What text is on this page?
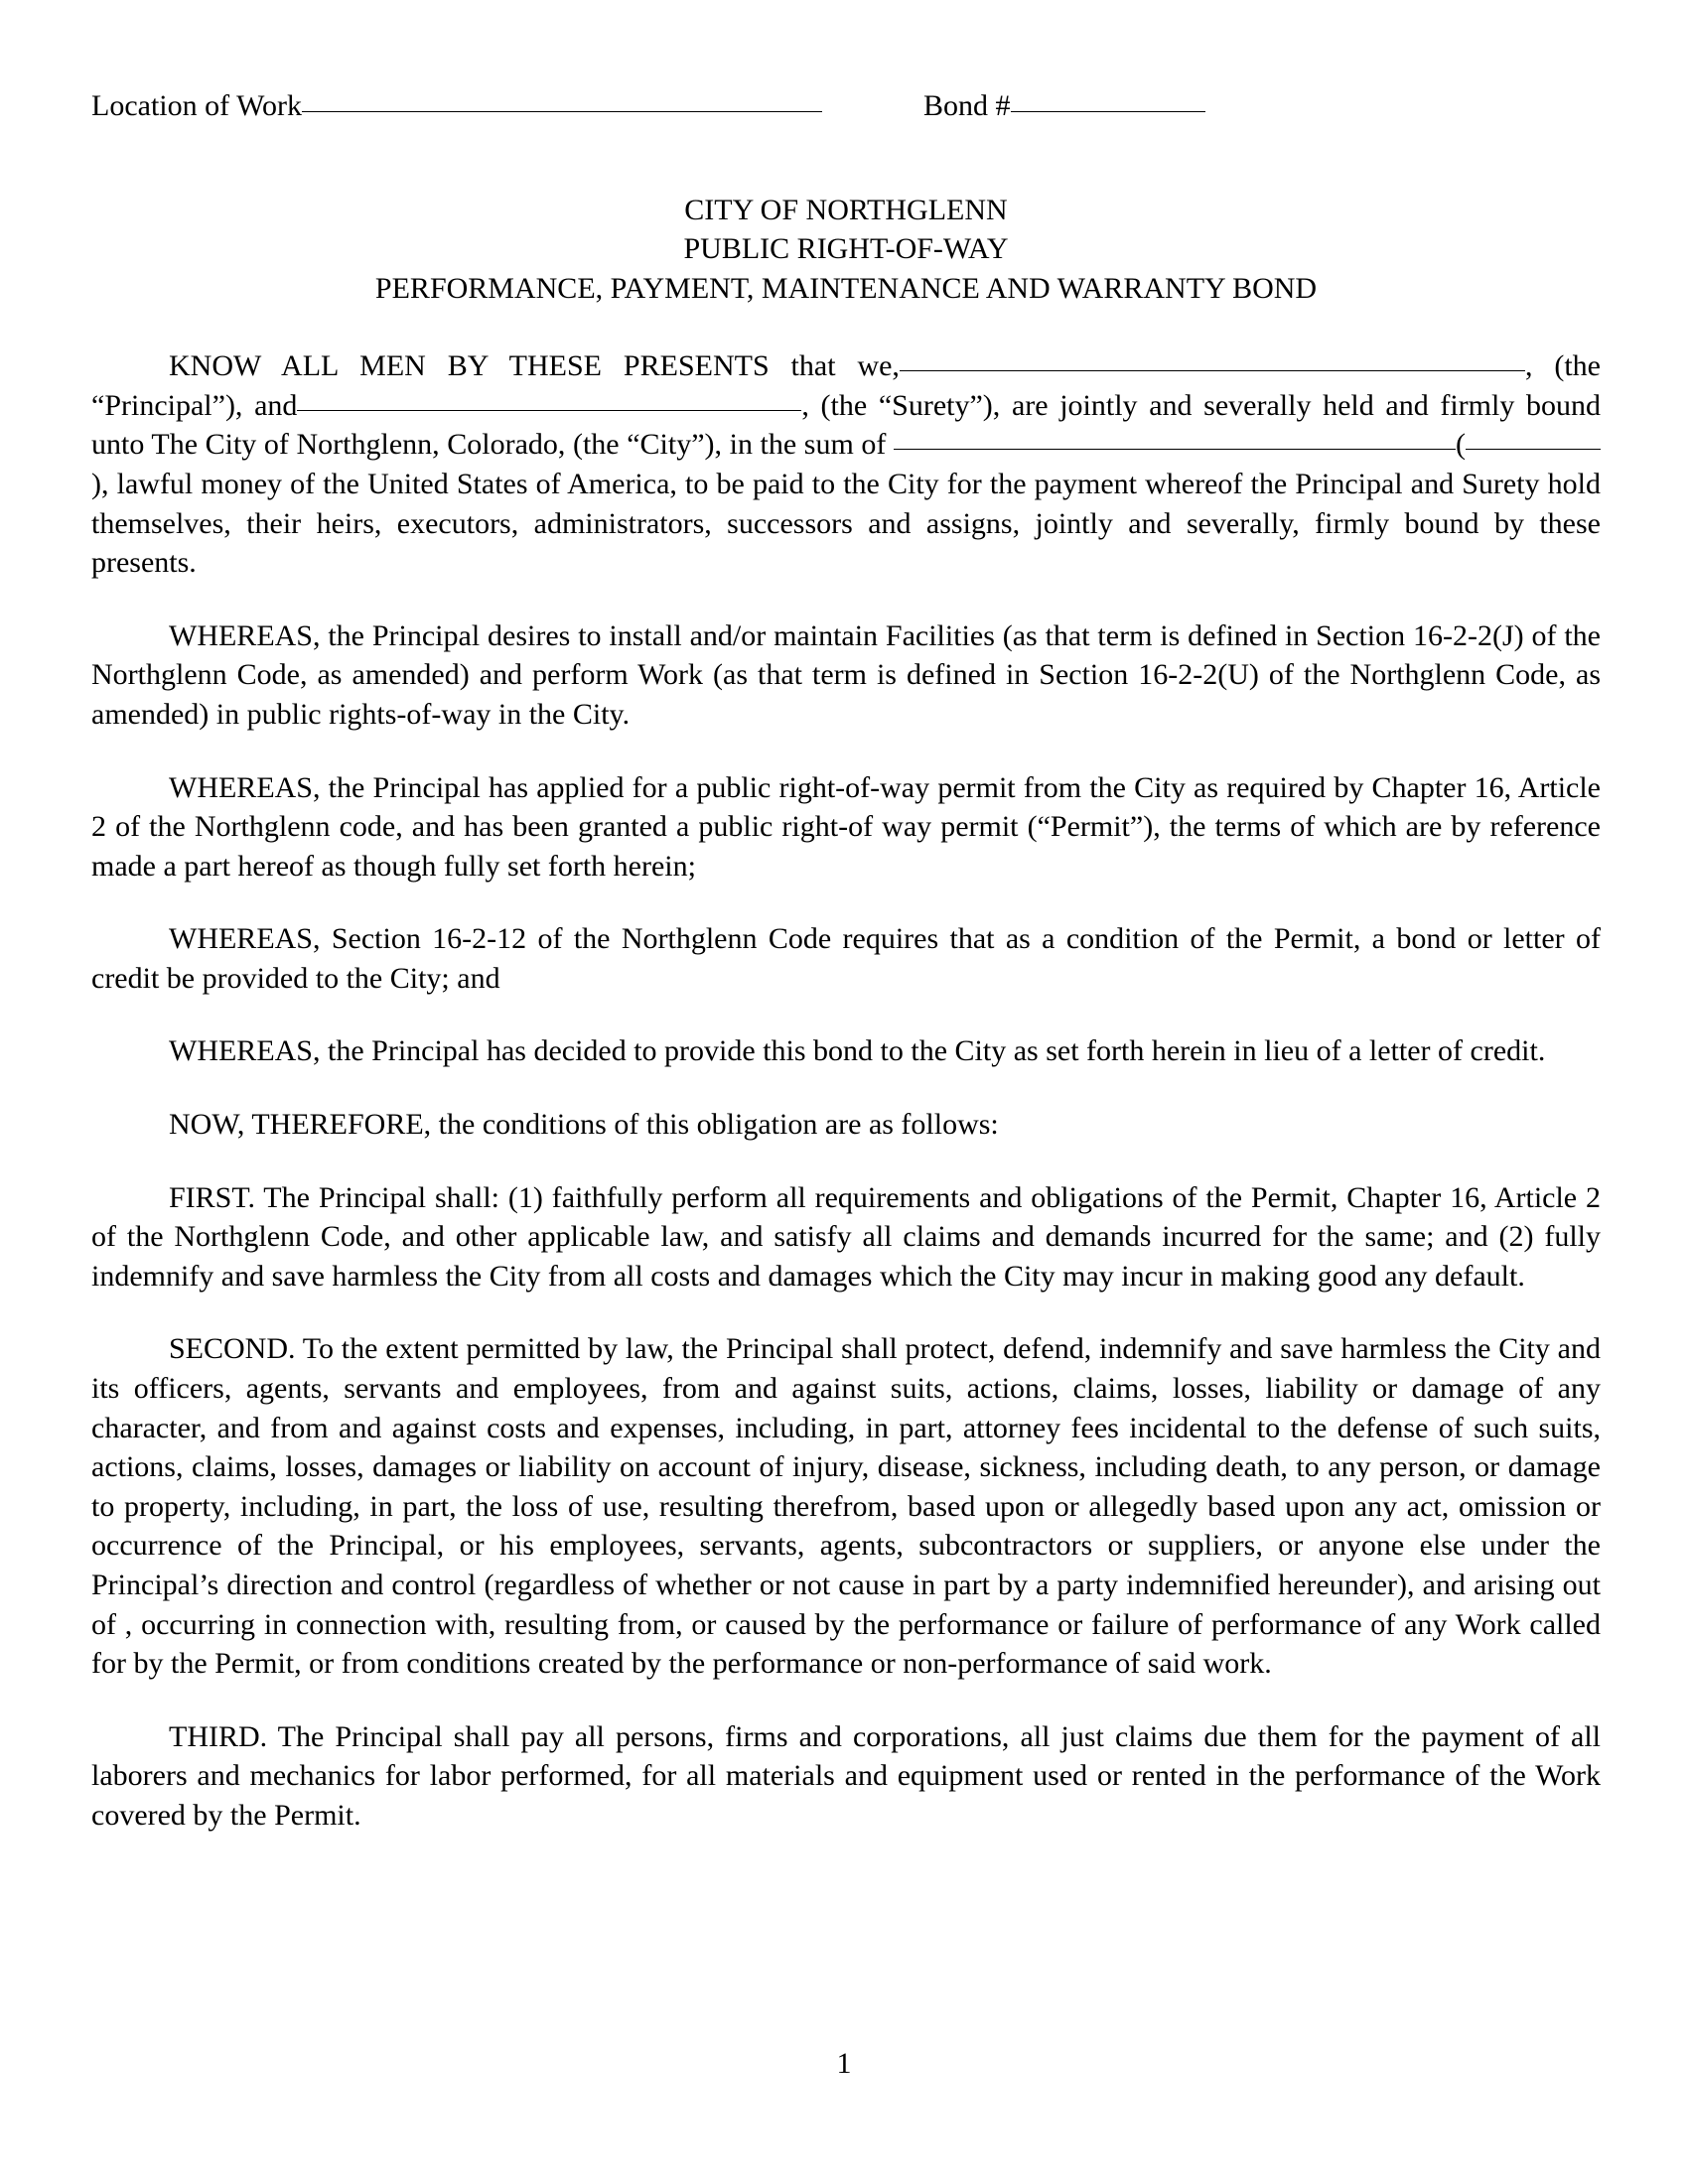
Location of Work	Bond #
CITY OF NORTHGLENN
PUBLIC RIGHT-OF-WAY
PERFORMANCE, PAYMENT, MAINTENANCE AND WARRANTY BOND

KNOW ALL MEN BY THESE PRESENTS that we,	, (the “Principal”), and	, (the “Surety”), are jointly and severally held and firmly bound unto The City of Northglenn, Colorado, (the “City”), in the sum of	(), lawful money of the United States of America, to be paid to the City for the payment whereof the Principal and Surety hold themselves, their heirs, executors, administrators, successors and assigns, jointly and severally, firmly bound by these presents.

WHEREAS, the Principal desires to install and/or maintain Facilities (as that term is defined in Section 16-2-2(J) of the Northglenn Code, as amended) and perform Work (as that term is defined in Section 16-2-2(U) of the Northglenn Code, as amended) in public rights-of-way in the City.

WHEREAS, the Principal has applied for a public right-of-way permit from the City as required by Chapter 16, Article 2 of the Northglenn code, and has been granted a public right-of way permit (“Permit”), the terms of which are by reference made a part hereof as though fully set forth herein;

WHEREAS, Section 16-2-12 of the Northglenn Code requires that as a condition of the Permit, a bond or letter of credit be provided to the City; and

WHEREAS, the Principal has decided to provide this bond to the City as set forth herein in lieu of a letter of credit.

NOW, THEREFORE, the conditions of this obligation are as follows:

FIRST. The Principal shall: (1) faithfully perform all requirements and obligations of the Permit, Chapter 16, Article 2 of the Northglenn Code, and other applicable law, and satisfy all claims and demands incurred for the same; and (2) fully indemnify and save harmless the City from all costs and damages which the City may incur in making good any default.

SECOND. To the extent permitted by law, the Principal shall protect, defend, indemnify and save harmless the City and its officers, agents, servants and employees, from and against suits, actions, claims, losses, liability or damage of any character, and from and against costs and expenses, including, in part, attorney fees incidental to the defense of such suits, actions, claims, losses, damages or liability on account of injury, disease, sickness, including death, to any person, or damage to property, including, in part, the loss of use, resulting therefrom, based upon or allegedly based upon any act, omission or occurrence of the Principal, or his employees, servants, agents, subcontractors or suppliers, or anyone else under the Principal’s direction and control (regardless of whether or not cause in part by a party indemnified hereunder), and arising out of , occurring in connection with, resulting from, or caused by the performance or failure of performance of any Work called for by the Permit, or from conditions created by the performance or non-performance of said work.

THIRD. The Principal shall pay all persons, firms and corporations, all just claims due them for the payment of all laborers and mechanics for labor performed, for all materials and equipment used or rented in the performance of the Work covered by the Permit.

1
